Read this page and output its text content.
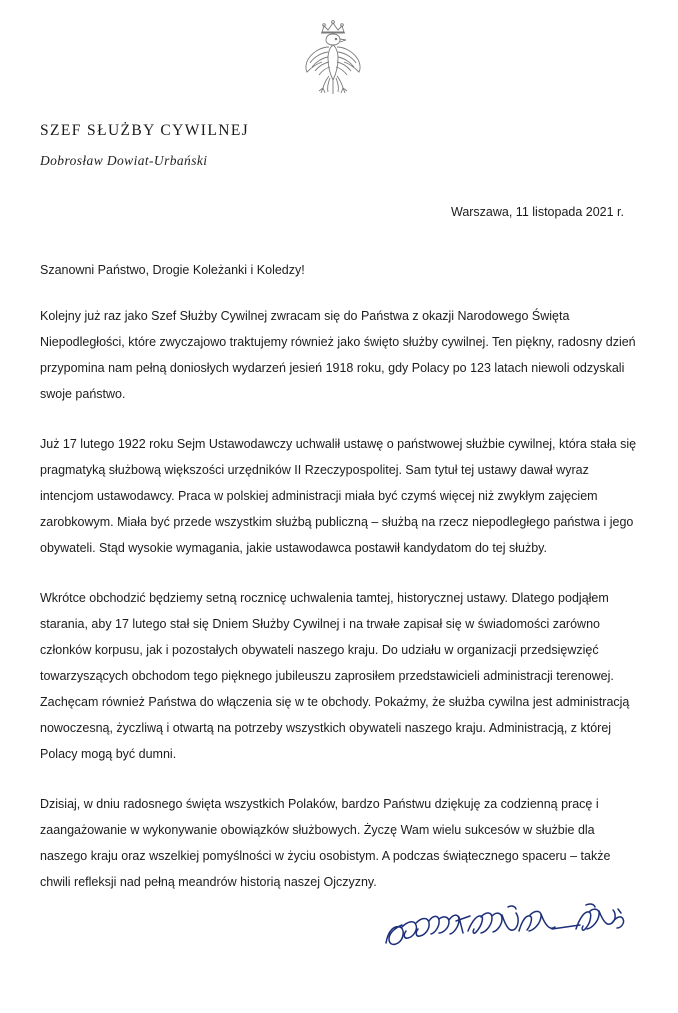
SZEF SŁUŻBY CYWILNEJ
Dobrosław Dowiat-Urbański
Warszawa, 11 listopada 2021 r.
Szanowni Państwo, Drogie Koleżanki i Koledzy!

Kolejny już raz jako Szef Służby Cywilnej zwracam się do Państwa z okazji Narodowego Święta Niepodległości, które zwyczajowo traktujemy również jako święto służby cywilnej. Ten piękny, radosny dzień przypomina nam pełną doniosłych wydarzeń jesień 1918 roku, gdy Polacy po 123 latach niewoli odzyskali swoje państwo.

Już 17 lutego 1922 roku Sejm Ustawodawczy uchwalił ustawę o państwowej służbie cywilnej, która stała się pragmatyką służbową większości urzędników II Rzeczypospolitej. Sam tytuł tej ustawy dawał wyraz intencjom ustawodawcy. Praca w polskiej administracji miała być czymś więcej niż zwykłym zajęciem zarobkowym. Miała być przede wszystkim służbą publiczną – służbą na rzecz niepodległego państwa i jego obywateli. Stąd wysokie wymagania, jakie ustawodawca postawił kandydatom do tej służby.

Wkrótce obchodzić będziemy setną rocznicę uchwalenia tamtej, historycznej ustawy. Dlatego podjąłem starania, aby 17 lutego stał się Dniem Służby Cywilnej i na trwałe zapisał się w świadomości zarówno członków korpusu, jak i pozostałych obywateli naszego kraju. Do udziału w organizacji przedsięwzięć towarzyszących obchodom tego pięknego jubileuszu zaprosiłem przedstawicieli administracji terenowej. Zachęcam również Państwa do włączenia się w te obchody. Pokażmy, że służba cywilna jest administracją nowoczesną, życzliwą i otwartą na potrzeby wszystkich obywateli naszego kraju. Administracją, z której Polacy mogą być dumni.

Dzisiaj, w dniu radosnego święta wszystkich Polaków, bardzo Państwu dziękuję za codzienną pracę i zaangażowanie w wykonywanie obowiązków służbowych. Życzę Wam wielu sukcesów w służbie dla naszego kraju oraz wszelkiej pomyślności w życiu osobistym. A podczas świątecznego spaceru – także chwili refleksji nad pełną meandrów historią naszej Ojczyzny.
